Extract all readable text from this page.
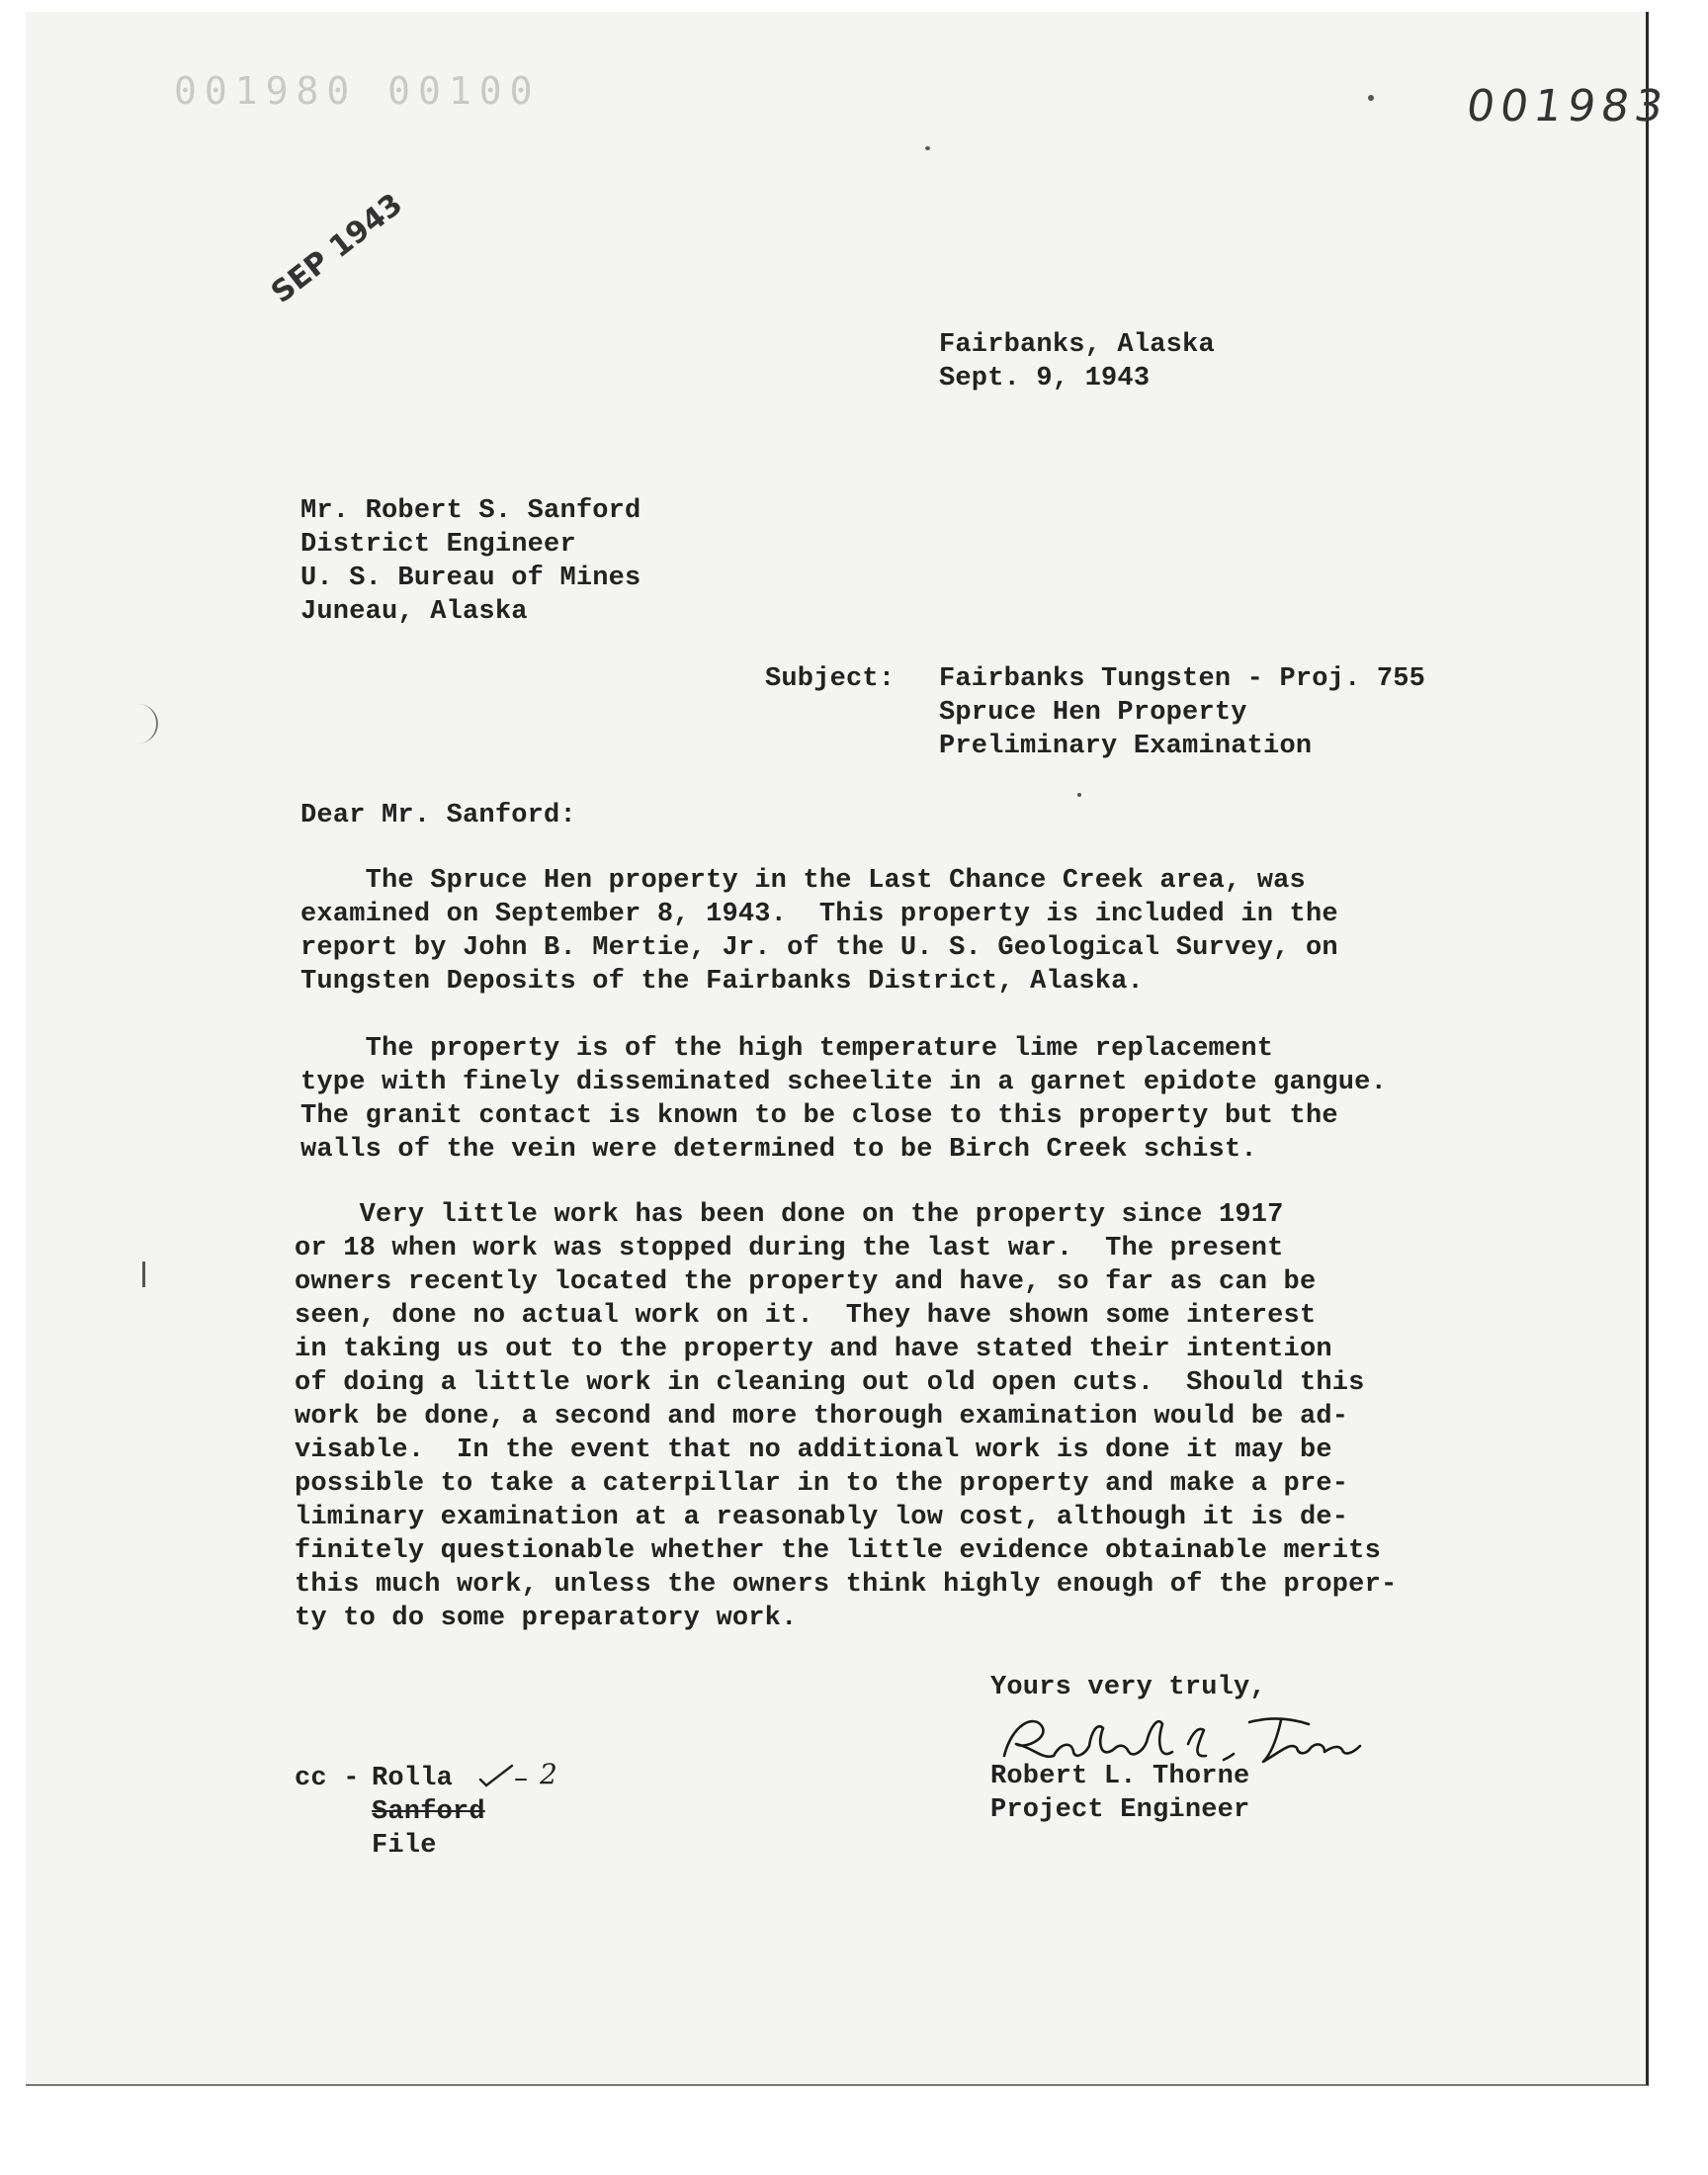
001980 00100	001983
SEP 1943
Fairbanks, Alaska
Sept. 9, 1943
Mr. Robert S. Sanford
District Engineer
U. S. Bureau of Mines
Juneau, Alaska
Subject: Fairbanks Tungsten - Proj. 755
Spruce Hen Property
Preliminary Examination
Dear Mr. Sanford:
The Spruce Hen property in the Last Chance Creek area, was
examined on September 8, 1943.  This property is included in the
report by John B. Mertie, Jr. of the U. S. Geological Survey, on
Tungsten Deposits of the Fairbanks District, Alaska.
The property is of the high temperature lime replacement
type with finely disseminated scheelite in a garnet epidote gangue.
The granit contact is known to be close to this property but the
walls of the vein were determined to be Birch Creek schist.
Very little work has been done on the property since 1917
or 18 when work was stopped during the last war.  The present
owners recently located the property and have, so far as can be
seen, done no actual work on it.  They have shown some interest
in taking us out to the property and have stated their intention
of doing a little work in cleaning out old open cuts.  Should this
work be done, a second and more thorough examination would be ad-
visable.  In the event that no additional work is done it may be
possible to take a caterpillar in to the property and make a pre-
liminary examination at a reasonably low cost, although it is de-
finitely questionable whether the little evidence obtainable merits
this much work, unless the owners think highly enough of the proper-
ty to do some preparatory work.
Yours very truly,
Robert L. Thorne
Project Engineer
cc - Rolla	2
Sanford
File
